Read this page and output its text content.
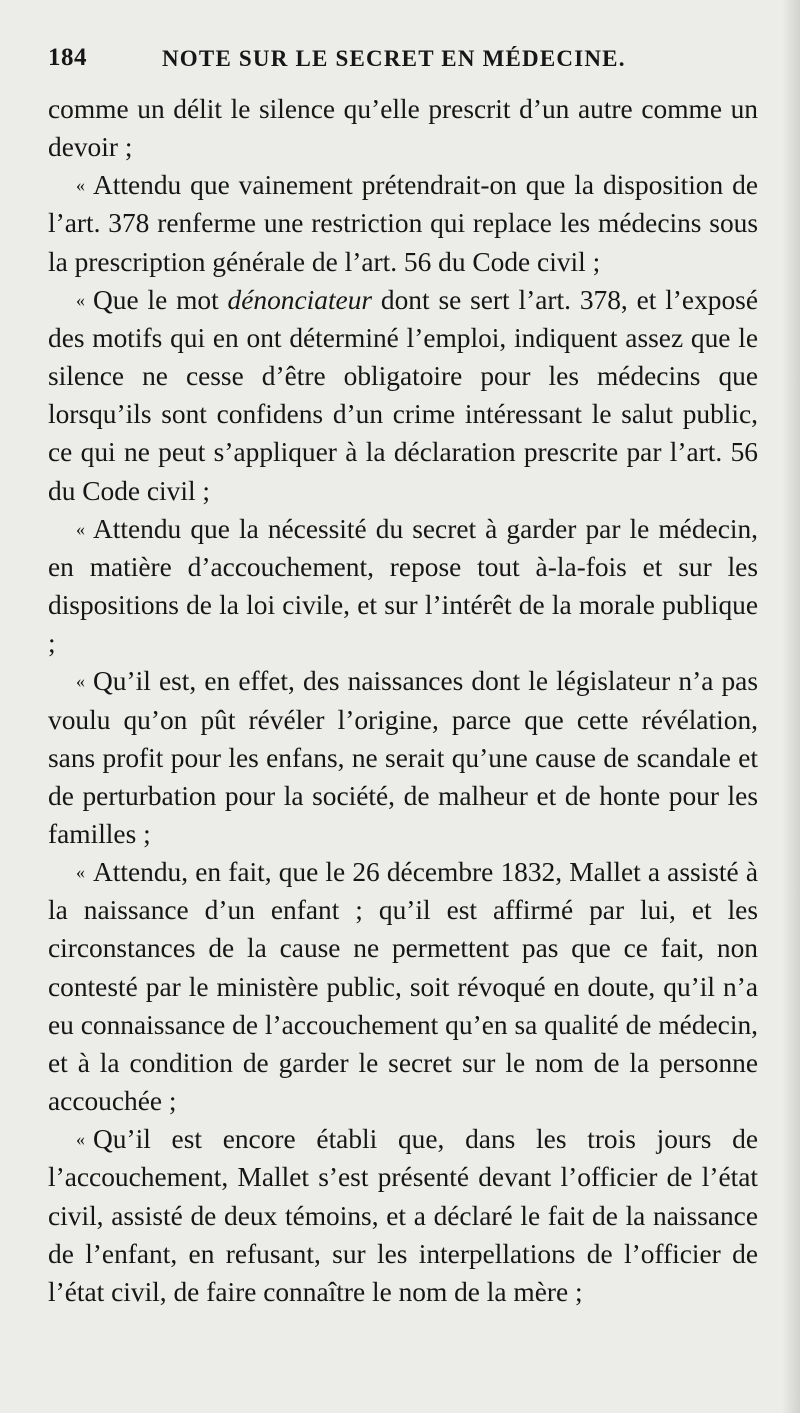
184	NOTE SUR LE SECRET EN MÉDECINE.

comme un délit le silence qu’elle prescrit d’un autre comme un devoir ;

« Attendu que vainement prétendrait-on que la disposition de l’art. 378 renferme une restriction qui replace les médecins sous la prescription générale de l’art. 56 du Code civil ;

« Que le mot dénonciateur dont se sert l’art. 378, et l’exposé des motifs qui en ont déterminé l’emploi, indiquent assez que le silence ne cesse d’être obligatoire pour les médecins que lorsqu’ils sont confidens d’un crime intéressant le salut public, ce qui ne peut s’appliquer à la déclaration prescrite par l’art. 56 du Code civil ;

« Attendu que la nécessité du secret à garder par le médecin, en matière d’accouchement, repose tout à-la-fois et sur les dispositions de la loi civile, et sur l’intérêt de la morale publique ;

« Qu’il est, en effet, des naissances dont le législateur n’a pas voulu qu’on pût révéler l’origine, parce que cette révélation, sans profit pour les enfans, ne serait qu’une cause de scandale et de perturbation pour la société, de malheur et de honte pour les familles ;

« Attendu, en fait, que le 26 décembre 1832, Mallet a assisté à la naissance d’un enfant ; qu’il est affirmé par lui, et les circonstances de la cause ne permettent pas que ce fait, non contesté par le ministère public, soit révoqué en doute, qu’il n’a eu connaissance de l’accouchement qu’en sa qualité de médecin, et à la condition de garder le secret sur le nom de la personne accouchée ;

« Qu’il est encore établi que, dans les trois jours de l’accouchement, Mallet s’est présenté devant l’officier de l’état civil, assisté de deux témoins, et a déclaré le fait de la naissance de l’enfant, en refusant, sur les interpellations de l’officier de l’état civil, de faire connaître le nom de la mère ;
